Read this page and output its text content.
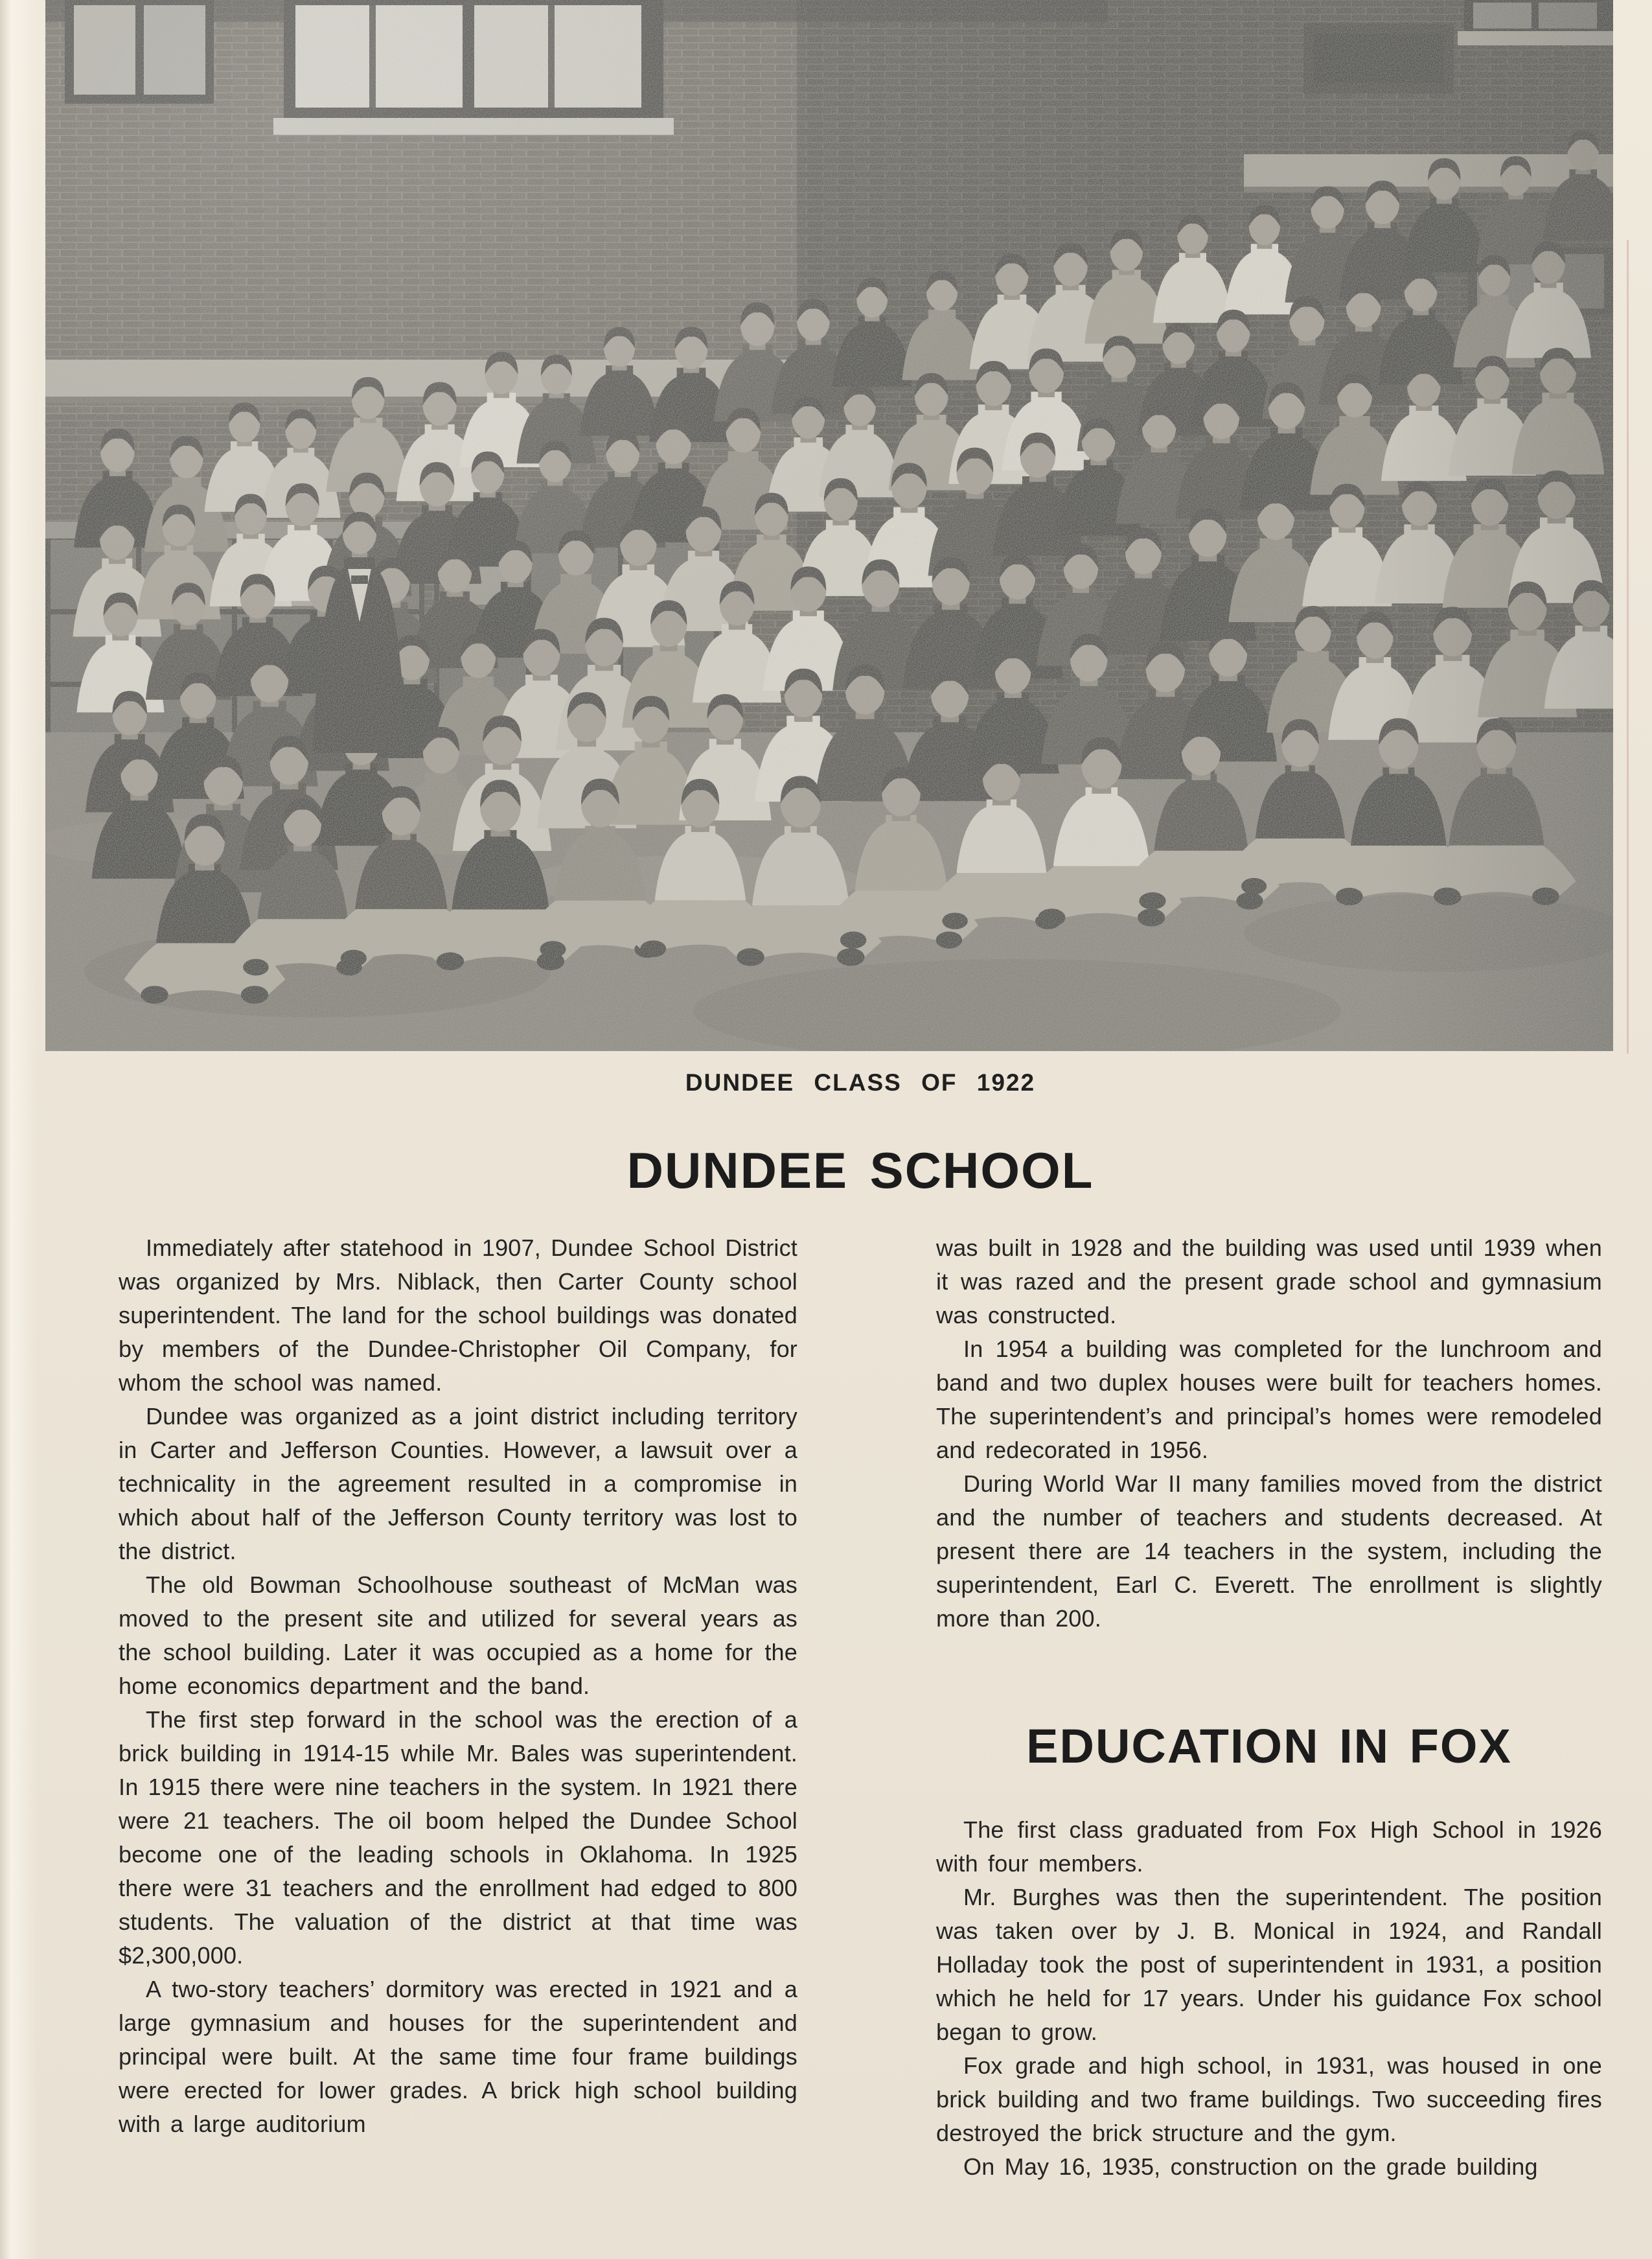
DUNDEE CLASS OF 1922
DUNDEE SCHOOL

Immediately after statehood in 1907, Dundee School District was organized by Mrs. Niblack, then Carter County school superintendent. The land for the school buildings was donated by members of the Dundee-Christopher Oil Company, for whom the school was named.

Dundee was organized as a joint district including territory in Carter and Jefferson Counties. However, a lawsuit over a technicality in the agreement resulted in a compromise in which about half of the Jefferson County territory was lost to the district.

The old Bowman Schoolhouse southeast of McMan was moved to the present site and utilized for several years as the school building. Later it was occupied as a home for the home economics department and the band.

The first step forward in the school was the erection of a brick building in 1914-15 while Mr. Bales was superintendent. In 1915 there were nine teachers in the system. In 1921 there were 21 teachers. The oil boom helped the Dundee School become one of the leading schools in Oklahoma. In 1925 there were 31 teachers and the enrollment had edged to 800 students. The valuation of the district at that time was $2,300,000.

A two-story teachers’ dormitory was erected in 1921 and a large gymnasium and houses for the superintendent and principal were built. At the same time four frame buildings were erected for lower grades. A brick high school building with a large auditorium

was built in 1928 and the building was used until 1939 when it was razed and the present grade school and gymnasium was constructed.

In 1954 a building was completed for the lunchroom and band and two duplex houses were built for teachers homes. The superintendent’s and principal’s homes were remodeled and redecorated in 1956.

During World War II many families moved from the district and the number of teachers and students decreased. At present there are 14 teachers in the system, including the superintendent, Earl C. Everett. The enrollment is slightly more than 200.

EDUCATION IN FOX

The first class graduated from Fox High School in 1926 with four members.

Mr. Burghes was then the superintendent. The position was taken over by J. B. Monical in 1924, and Randall Holladay took the post of superintendent in 1931, a position which he held for 17 years. Under his guidance Fox school began to grow.

Fox grade and high school, in 1931, was housed in one brick building and two frame buildings. Two succeeding fires destroyed the brick structure and the gym.

On May 16, 1935, construction on the grade building
